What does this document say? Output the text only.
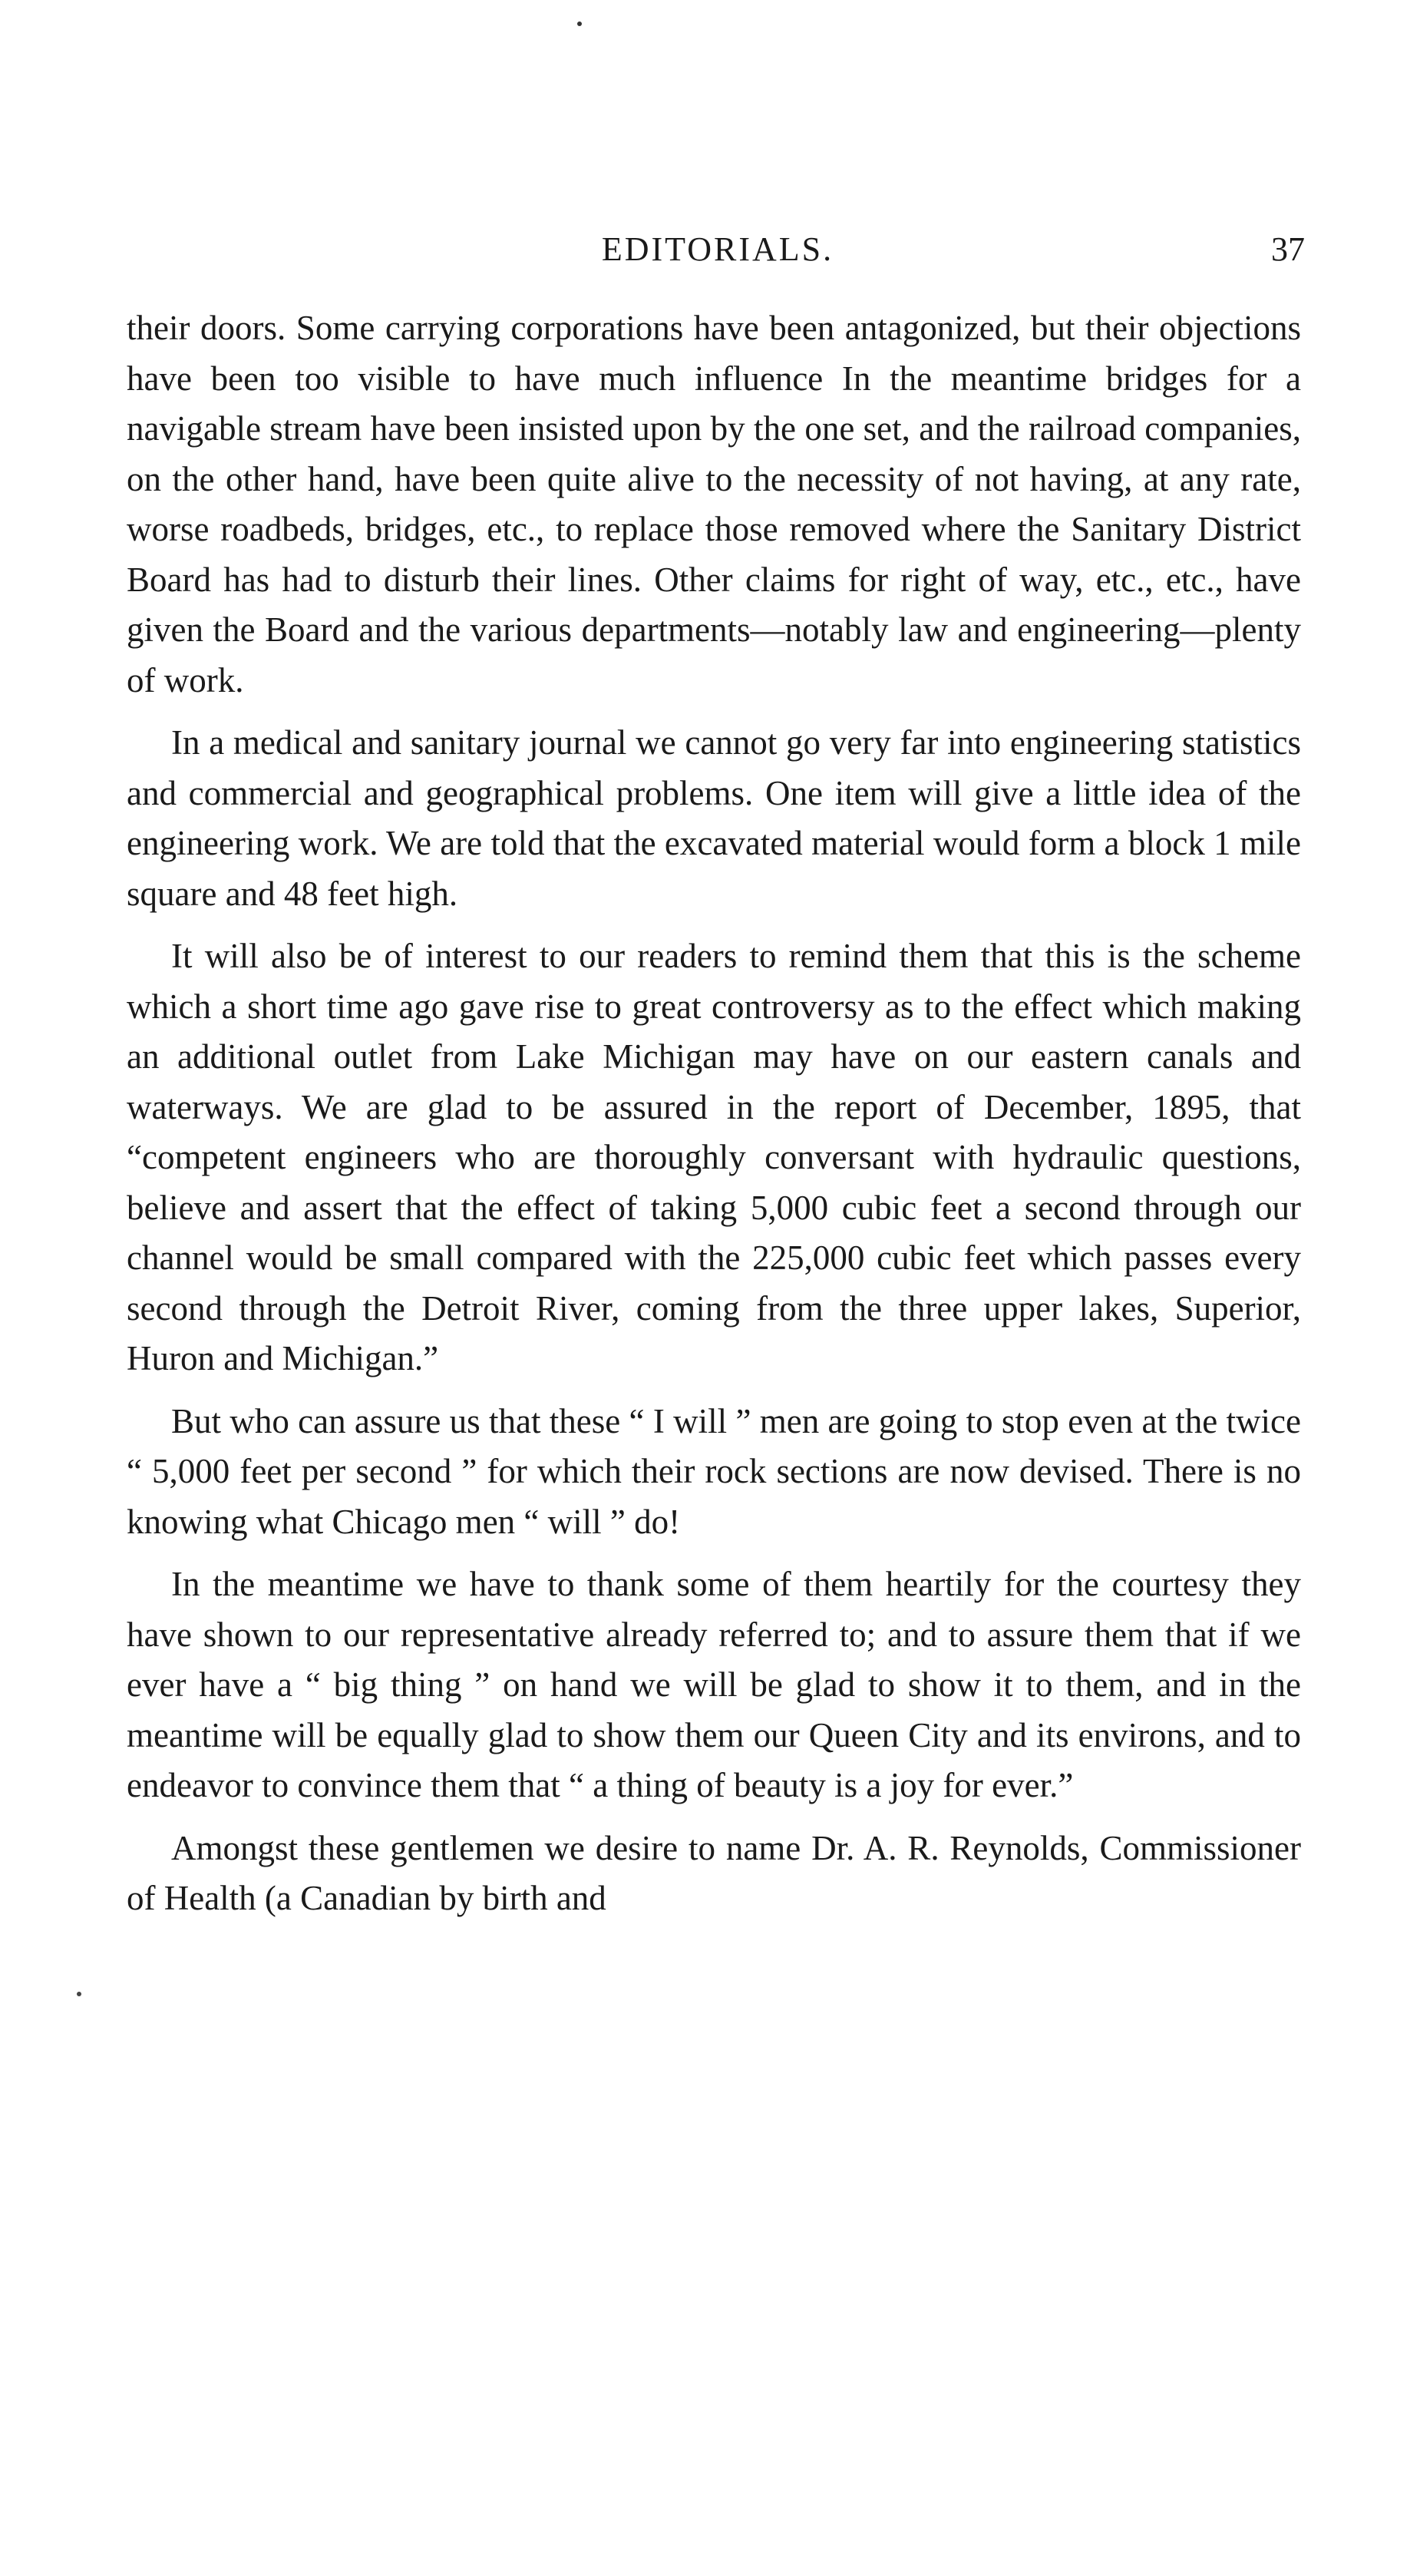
EDITORIALS.	37

their doors. Some carrying corporations have been antagonized, but their objections have been too visible to have much influence In the meantime bridges for a navigable stream have been insisted upon by the one set, and the railroad companies, on the other hand, have been quite alive to the necessity of not having, at any rate, worse roadbeds, bridges, etc., to replace those removed where the Sanitary District Board has had to disturb their lines. Other claims for right of way, etc., etc., have given the Board and the various departments—notably law and engineering—plenty of work.

In a medical and sanitary journal we cannot go very far into engineering statistics and commercial and geographical problems. One item will give a little idea of the engineering work. We are told that the excavated material would form a block 1 mile square and 48 feet high.

It will also be of interest to our readers to remind them that this is the scheme which a short time ago gave rise to great controversy as to the effect which making an additional outlet from Lake Michigan may have on our eastern canals and waterways. We are glad to be assured in the report of December, 1895, that “competent engineers who are thoroughly conversant with hydraulic questions, believe and assert that the effect of taking 5,000 cubic feet a second through our channel would be small compared with the 225,000 cubic feet which passes every second through the Detroit River, coming from the three upper lakes, Superior, Huron and Michigan.”

But who can assure us that these “ I will ” men are going to stop even at the twice “ 5,000 feet per second ” for which their rock sections are now devised. There is no knowing what Chicago men “ will ” do!

In the meantime we have to thank some of them heartily for the courtesy they have shown to our representative already referred to; and to assure them that if we ever have a “ big thing ” on hand we will be glad to show it to them, and in the meantime will be equally glad to show them our Queen City and its environs, and to endeavor to convince them that “ a thing of beauty is a joy for ever.”

Amongst these gentlemen we desire to name Dr. A. R. Reynolds, Commissioner of Health (a Canadian by birth and
